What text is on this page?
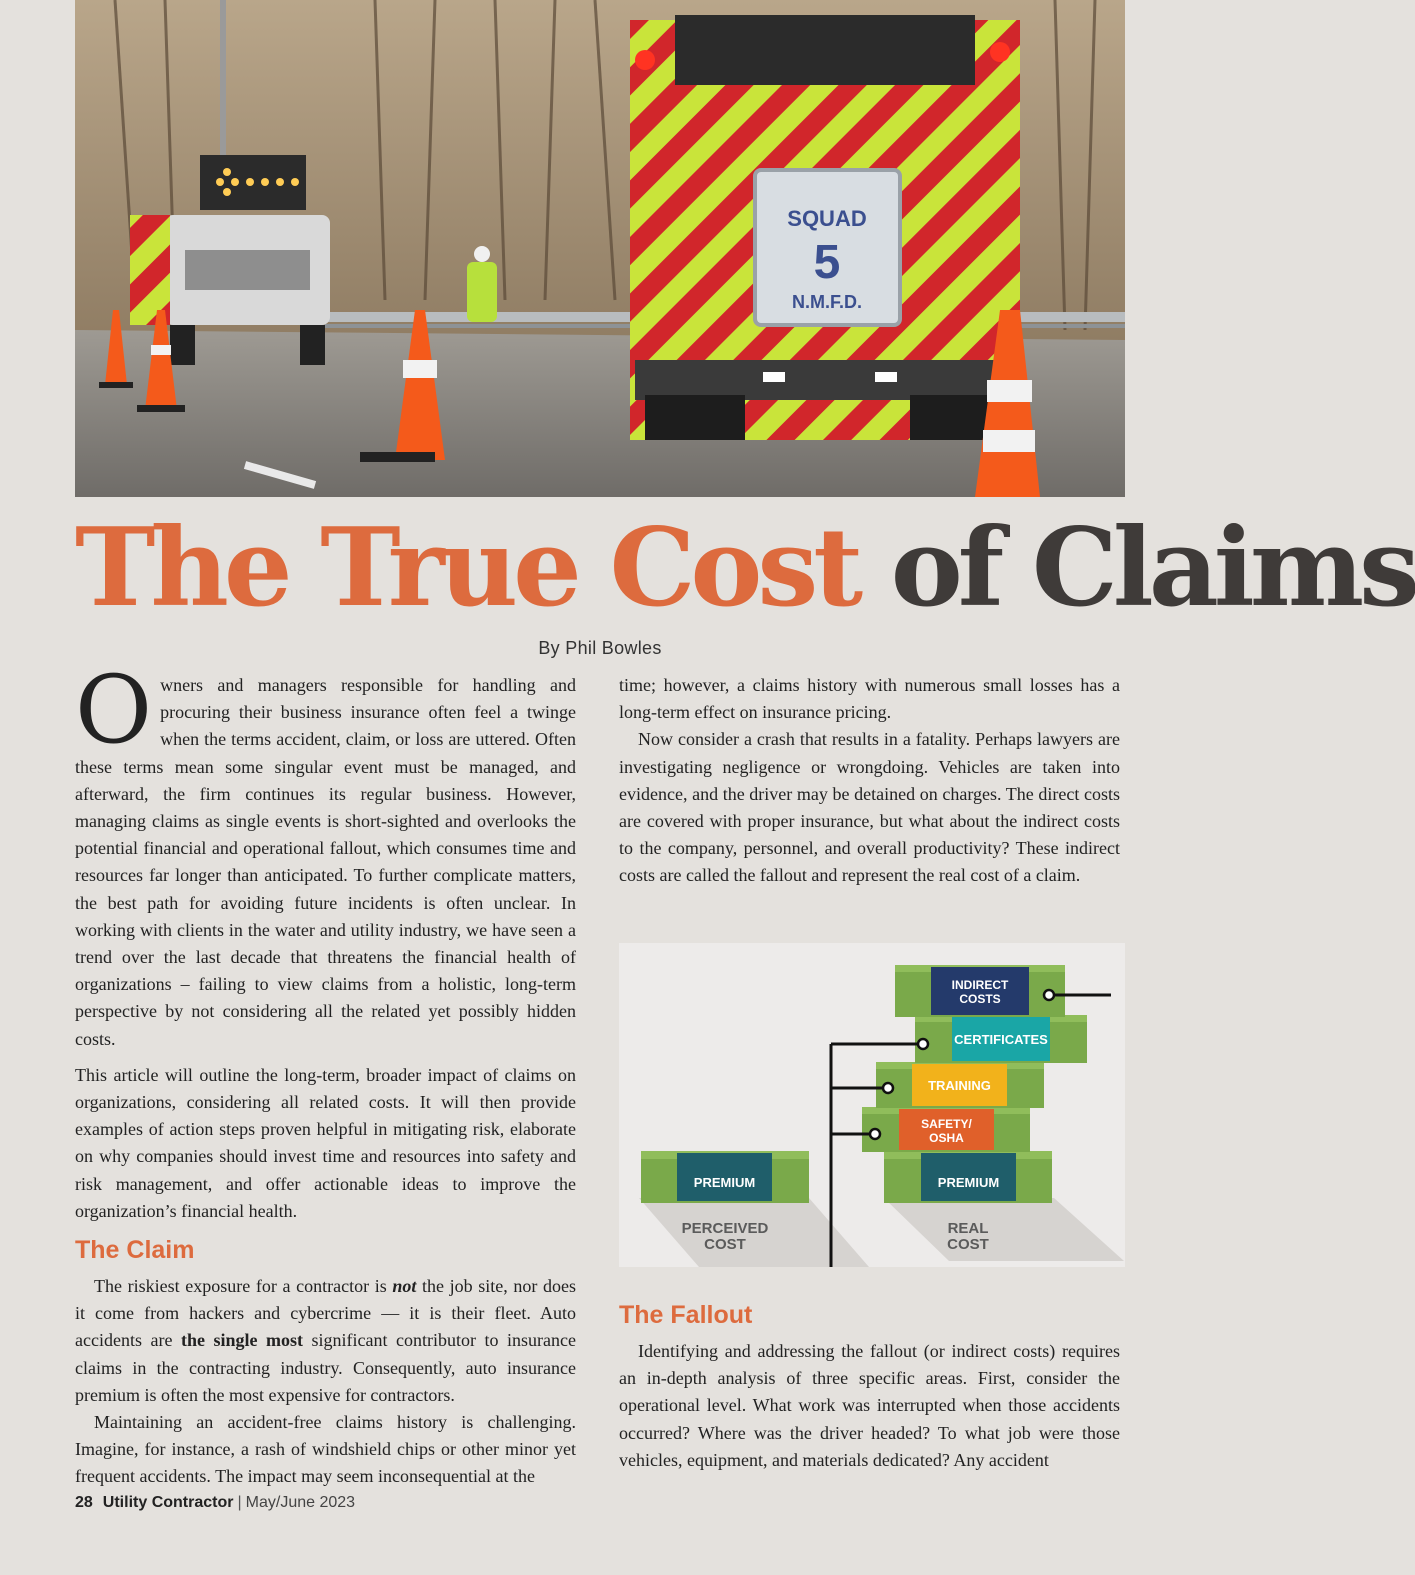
SQUAD
5
N.M.F.D.
The True Cost of Claims
By Phil Bowles

Owners and managers responsible for handling and procuring their business insurance often feel a twinge when the terms accident, claim, or loss are uttered. Often these terms mean some singular event must be managed, and afterward, the firm continues its regular business. However, managing claims as single events is short-sighted and overlooks the potential financial and operational fallout, which consumes time and resources far longer than anticipated. To further complicate matters, the best path for avoiding future incidents is often unclear. In working with clients in the water and utility industry, we have seen a trend over the last decade that threatens the financial health of organizations – failing to view claims from a holistic, long-term perspective by not considering all the related yet possibly hidden costs.

This article will outline the long-term, broader impact of claims on organizations, considering all related costs. It will then provide examples of action steps proven helpful in mitigating risk, elaborate on why companies should invest time and resources into safety and risk management, and offer actionable ideas to improve the organization’s financial health.

The Claim

The riskiest exposure for a contractor is not the job site, nor does it come from hackers and cybercrime — it is their fleet. Auto accidents are the single most significant contributor to insurance claims in the contracting industry. Consequently, auto insurance premium is often the most expensive for contractors.

Maintaining an accident-free claims history is challenging. Imagine, for instance, a rash of windshield chips or other minor yet frequent accidents. The impact may seem inconsequential at the

time; however, a claims history with numerous small losses has a long-term effect on insurance pricing.

Now consider a crash that results in a fatality. Perhaps lawyers are investigating negligence or wrongdoing. Vehicles are taken into evidence, and the driver may be detained on charges. The direct costs are covered with proper insurance, but what about the indirect costs to the company, personnel, and overall productivity? These indirect costs are called the fallout and represent the real cost of a claim.

PREMIUM
PERCEIVED
COST
PREMIUM
SAFETY/
OSHA
TRAINING
CERTIFICATES
INDIRECT
COSTS
REAL
COST
The Fallout

Identifying and addressing the fallout (or indirect costs) requires an in-depth analysis of three specific areas. First, consider the operational level. What work was interrupted when those accidents occurred? Where was the driver headed? To what job were those vehicles, equipment, and materials dedicated? Any accident

28 Utility Contractor | May/June 2023
